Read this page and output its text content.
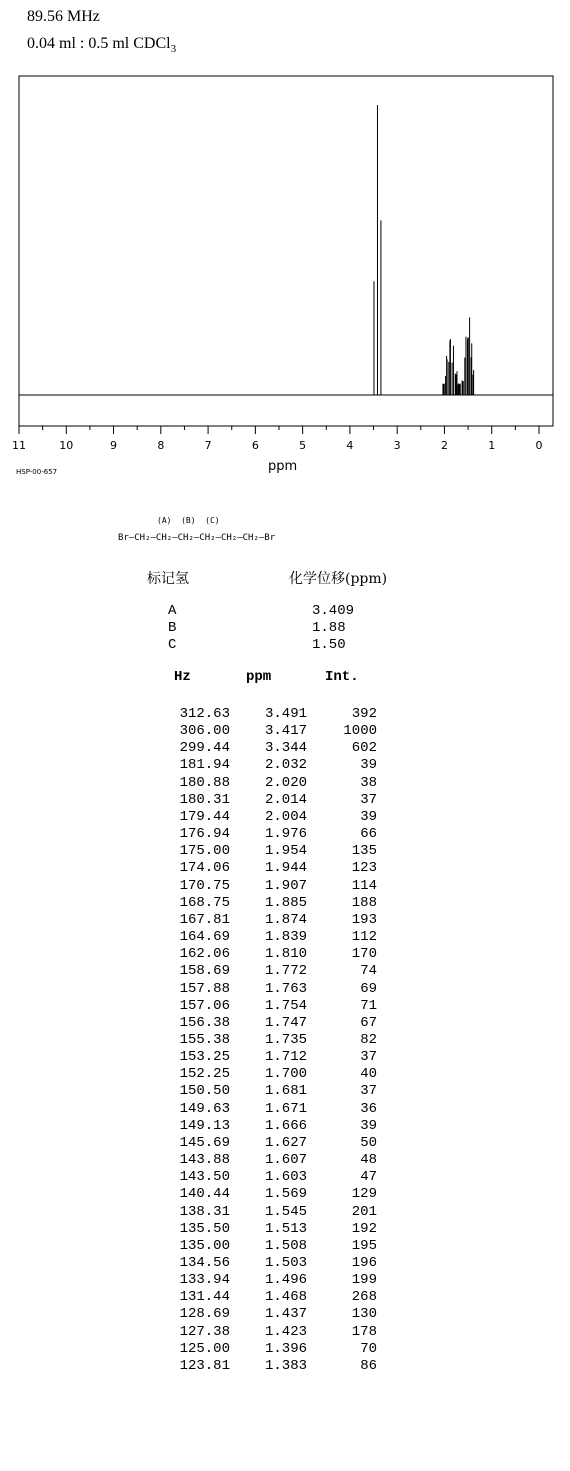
89.56 MHz
0.04 ml : 0.5 ml CDCl$_3$
11	10	9	8	7	6	5	4	3	2	1	0
ppm
HSP-00-657
(A)  (B)  (C)
Br—CH₂—CH₂—CH₂—CH₂—CH₂—CH₂—Br
标记氢	化学位移(ppm)
A	3.409
B	1.88
C	1.50
Hz	ppm	Int.
312.63 3.491	392
306.00 3.417	1000
299.44 3.344	602
181.94 2.032	39
180.88 2.020	38
180.31 2.014	37
179.44 2.004	39
176.94 1.976	66
175.00 1.954	135
174.06 1.944	123
170.75 1.907	114
168.75 1.885	188
167.81 1.874	193
164.69 1.839	112
162.06 1.810	170
158.69 1.772	74
157.88 1.763	69
157.06 1.754	71
156.38 1.747	67
155.38 1.735	82
153.25 1.712	37
152.25 1.700	40
150.50 1.681	37
149.63 1.671	36
149.13 1.666	39
145.69 1.627	50
143.88 1.607	48
143.50 1.603	47
140.44 1.569	129
138.31 1.545	201
135.50 1.513	192
135.00 1.508	195
134.56 1.503	196
133.94 1.496	199
131.44 1.468	268
128.69 1.437	130
127.38 1.423	178
125.00 1.396	70
123.81 1.383	86
